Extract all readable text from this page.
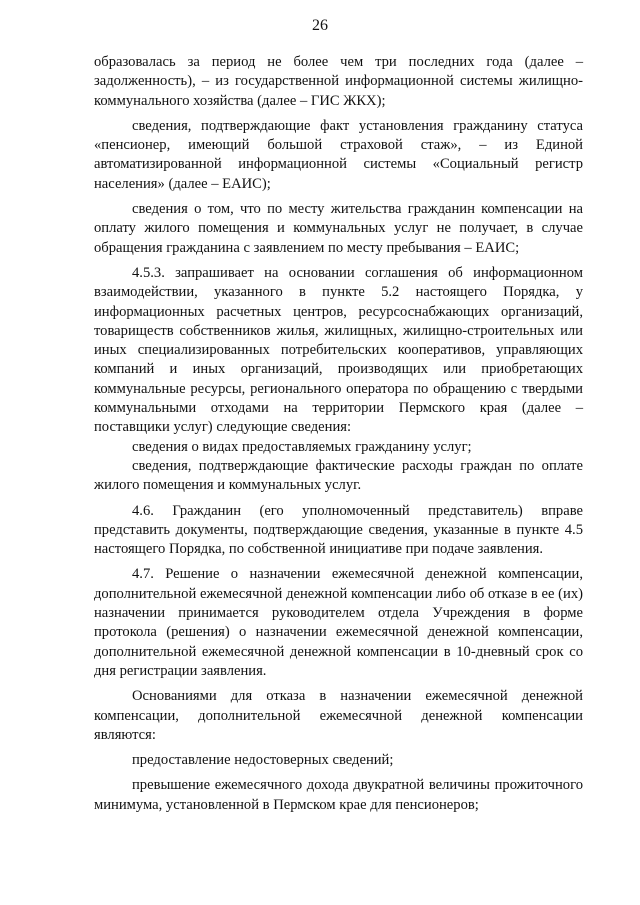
26

образовалась за период не более чем три последних года (далее – задолженность), – из государственной информационной системы жилищно-коммунального хозяйства (далее – ГИС ЖКХ);

сведения, подтверждающие факт установления гражданину статуса «пенсионер, имеющий большой страховой стаж», – из Единой автоматизированной информационной системы «Социальный регистр населения» (далее – ЕАИС);

сведения о том, что по месту жительства гражданин компенсации на оплату жилого помещения и коммунальных услуг не получает, в случае обращения гражданина с заявлением по месту пребывания – ЕАИС;

4.5.3. запрашивает на основании соглашения об информационном взаимодействии, указанного в пункте 5.2 настоящего Порядка, у информационных расчетных центров, ресурсоснабжающих организаций, товариществ собственников жилья, жилищных, жилищно-строительных или иных специализированных потребительских кооперативов, управляющих компаний и иных организаций, производящих или приобретающих коммунальные ресурсы, регионального оператора по обращению с твердыми коммунальными отходами на территории Пермского края (далее – поставщики услуг) следующие сведения:

сведения о видах предоставляемых гражданину услуг;

сведения, подтверждающие фактические расходы граждан по оплате жилого помещения и коммунальных услуг.

4.6. Гражданин (его уполномоченный представитель) вправе представить документы, подтверждающие сведения, указанные в пункте 4.5 настоящего Порядка, по собственной инициативе при подаче заявления.

4.7. Решение о назначении ежемесячной денежной компенсации, дополнительной ежемесячной денежной компенсации либо об отказе в ее (их) назначении принимается руководителем отдела Учреждения в форме протокола (решения) о назначении ежемесячной денежной компенсации, дополнительной ежемесячной денежной компенсации в 10-дневный срок со дня регистрации заявления.

Основаниями для отказа в назначении ежемесячной денежной компенсации, дополнительной ежемесячной денежной компенсации являются:

предоставление недостоверных сведений;

превышение ежемесячного дохода двукратной величины прожиточного минимума, установленной в Пермском крае для пенсионеров;
